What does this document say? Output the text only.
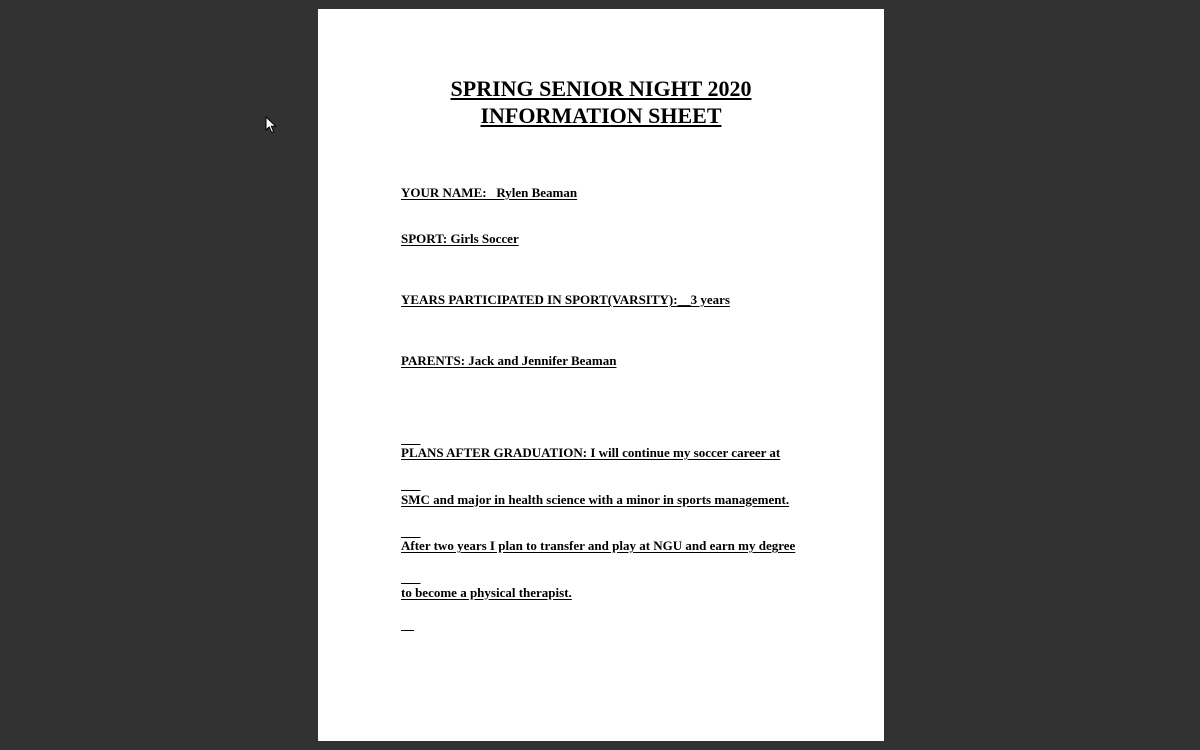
SPRING SENIOR NIGHT 2020
INFORMATION SHEET
YOUR NAME:   Rylen Beaman
SPORT: Girls Soccer
YEARS PARTICIPATED IN SPORT(VARSITY):__3 years
PARENTS: Jack and Jennifer Beaman

PLANS AFTER GRADUATION: I will continue my soccer career at

SMC and major in health science with a minor in sports management.

After two years I plan to transfer and play at NGU and earn my degree

to become a physical therapist.
